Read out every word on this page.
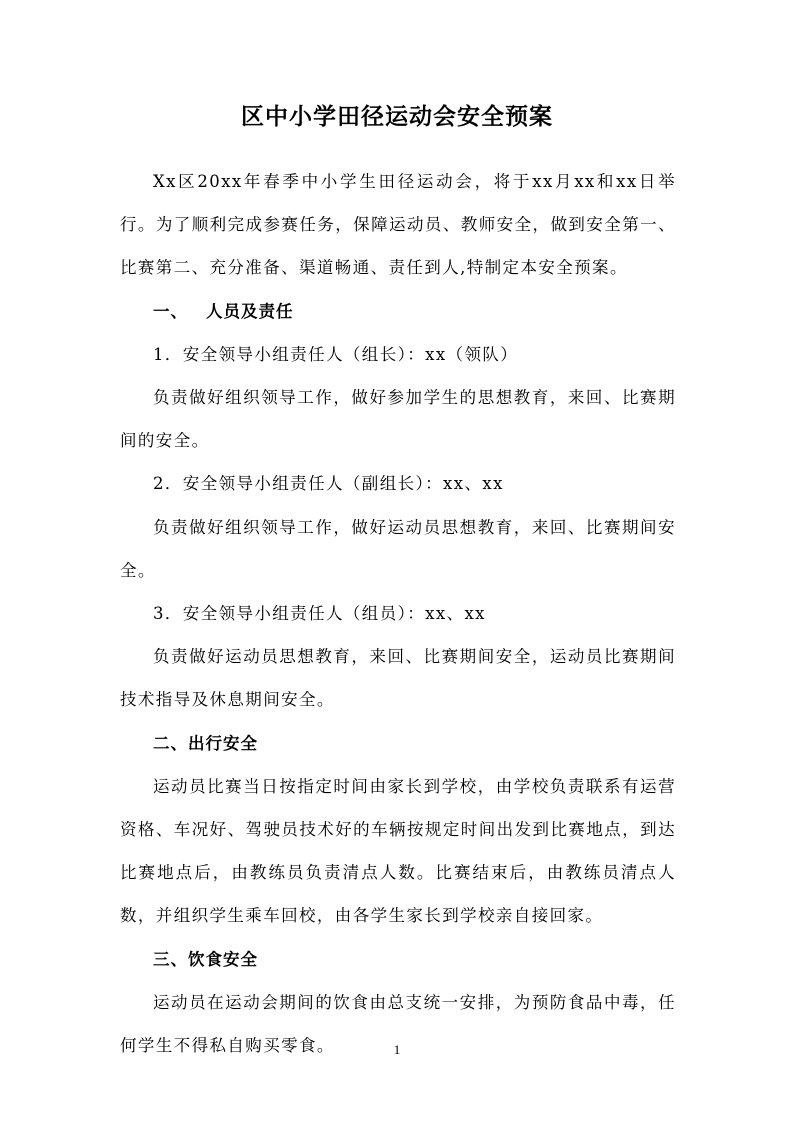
区中小学田径运动会安全预案

Xx区20xx年春季中小学生田径运动会，将于xx月xx和xx日举行。为了顺利完成参赛任务，保障运动员、教师安全，做到安全第一、比赛第二、充分准备、渠道畅通、责任到人,特制定本安全预案。

一、 人员及责任

1．安全领导小组责任人（组长）：xx（领队）

负责做好组织领导工作，做好参加学生的思想教育，来回、比赛期间的安全。

2．安全领导小组责任人（副组长）：xx、xx

负责做好组织领导工作，做好运动员思想教育，来回、比赛期间安全。

3．安全领导小组责任人（组员）：xx、xx

负责做好运动员思想教育，来回、比赛期间安全，运动员比赛期间技术指导及休息期间安全。

二、出行安全

运动员比赛当日按指定时间由家长到学校，由学校负责联系有运营资格、车况好、驾驶员技术好的车辆按规定时间出发到比赛地点，到达比赛地点后，由教练员负责清点人数。比赛结束后，由教练员清点人数，并组织学生乘车回校，由各学生家长到学校亲自接回家。

三、饮食安全

运动员在运动会期间的饮食由总支统一安排，为预防食品中毒，任何学生不得私自购买零食。	1
